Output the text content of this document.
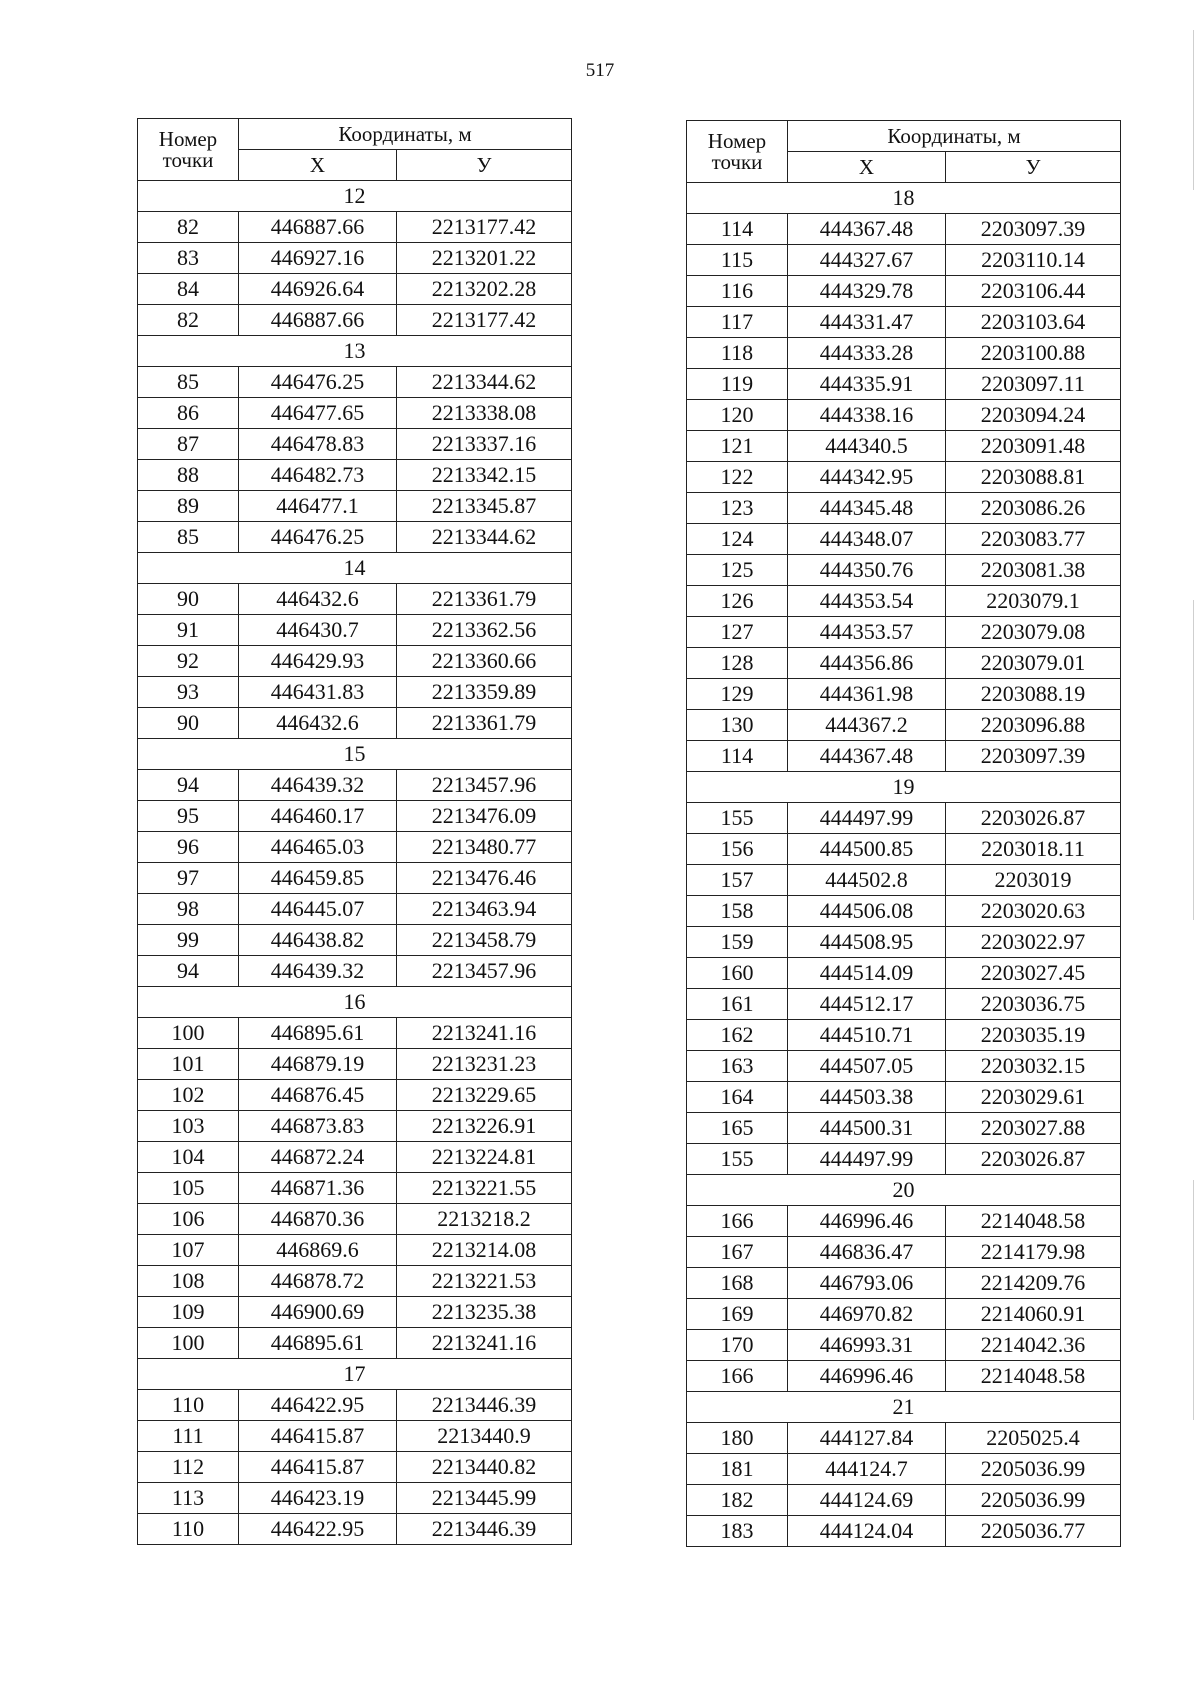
517
Номер
точки	Координаты, м	
	X	У
12		
82	446887.66	2213177.42
83	446927.16	2213201.22
84	446926.64	2213202.28
82	446887.66	2213177.42
13		
85	446476.25	2213344.62
86	446477.65	2213338.08
87	446478.83	2213337.16
88	446482.73	2213342.15
89	446477.1	2213345.87
85	446476.25	2213344.62
14		
90	446432.6	2213361.79
91	446430.7	2213362.56
92	446429.93	2213360.66
93	446431.83	2213359.89
90	446432.6	2213361.79
15		
94	446439.32	2213457.96
95	446460.17	2213476.09
96	446465.03	2213480.77
97	446459.85	2213476.46
98	446445.07	2213463.94
99	446438.82	2213458.79
94	446439.32	2213457.96
16		
100	446895.61	2213241.16
101	446879.19	2213231.23
102	446876.45	2213229.65
103	446873.83	2213226.91
104	446872.24	2213224.81
105	446871.36	2213221.55
106	446870.36	2213218.2
107	446869.6	2213214.08
108	446878.72	2213221.53
109	446900.69	2213235.38
100	446895.61	2213241.16
17		
110	446422.95	2213446.39
111	446415.87	2213440.9
112	446415.87	2213440.82
113	446423.19	2213445.99
110	446422.95	2213446.39
Номер
точки	Координаты, м	
	X	У
18		
114	444367.48	2203097.39
115	444327.67	2203110.14
116	444329.78	2203106.44
117	444331.47	2203103.64
118	444333.28	2203100.88
119	444335.91	2203097.11
120	444338.16	2203094.24
121	444340.5	2203091.48
122	444342.95	2203088.81
123	444345.48	2203086.26
124	444348.07	2203083.77
125	444350.76	2203081.38
126	444353.54	2203079.1
127	444353.57	2203079.08
128	444356.86	2203079.01
129	444361.98	2203088.19
130	444367.2	2203096.88
114	444367.48	2203097.39
19		
155	444497.99	2203026.87
156	444500.85	2203018.11
157	444502.8	2203019
158	444506.08	2203020.63
159	444508.95	2203022.97
160	444514.09	2203027.45
161	444512.17	2203036.75
162	444510.71	2203035.19
163	444507.05	2203032.15
164	444503.38	2203029.61
165	444500.31	2203027.88
155	444497.99	2203026.87
20		
166	446996.46	2214048.58
167	446836.47	2214179.98
168	446793.06	2214209.76
169	446970.82	2214060.91
170	446993.31	2214042.36
166	446996.46	2214048.58
21		
180	444127.84	2205025.4
181	444124.7	2205036.99
182	444124.69	2205036.99
183	444124.04	2205036.77
